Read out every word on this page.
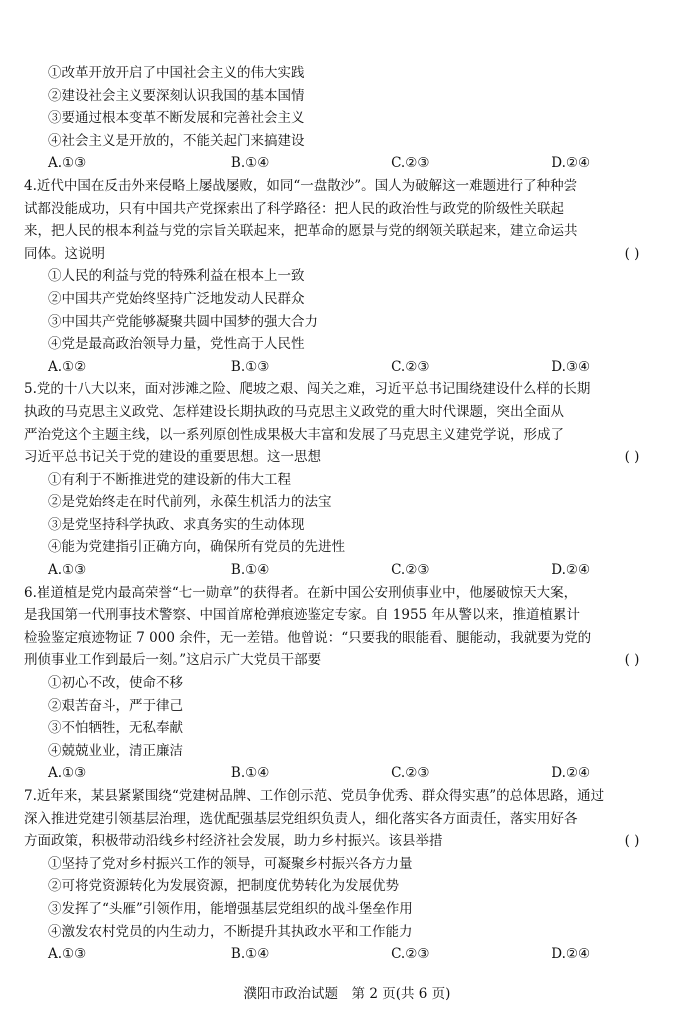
①改革开放开启了中国社会主义的伟大实践
②建设社会主义要深刻认识我国的基本国情
③要通过根本变革不断发展和完善社会主义
④社会主义是开放的，不能关起门来搞建设
A.①③	B.①④	C.②③	D.②④
4.近代中国在反击外来侵略上屡战屡败，如同“一盘散沙”。国人为破解这一难题进行了种种尝
试都没能成功，只有中国共产党探索出了科学路径：把人民的政治性与政党的阶级性关联起
来，把人民的根本利益与党的宗旨关联起来，把革命的愿景与党的纲领关联起来，建立命运共
( )
同体。这说明
①人民的利益与党的特殊利益在根本上一致
②中国共产党始终坚持广泛地发动人民群众
③中国共产党能够凝聚共圆中国梦的强大合力
④党是最高政治领导力量，党性高于人民性
A.①②	B.①③	C.②③	D.③④
5.党的十八大以来，面对涉滩之险、爬坡之艰、闯关之难，习近平总书记围绕建设什么样的长期
执政的马克思主义政党、怎样建设长期执政的马克思主义政党的重大时代课题，突出全面从
严治党这个主题主线，以一系列原创性成果极大丰富和发展了马克思主义建党学说，形成了
( )
习近平总书记关于党的建设的重要思想。这一思想
①有利于不断推进党的建设新的伟大工程
②是党始终走在时代前列，永葆生机活力的法宝
③是党坚持科学执政、求真务实的生动体现
④能为党建指引正确方向，确保所有党员的先进性
A.①③	B.①④	C.②③	D.②④
6.崔道植是党内最高荣誉“七一勋章”的获得者。在新中国公安刑侦事业中，他屡破惊天大案，
是我国第一代刑事技术警察、中国首席枪弹痕迹鉴定专家。自 1955 年从警以来，推道植累计
检验鉴定痕迹物证 7 000 余件，无一差错。他曾说：“只要我的眼能看、腿能动，我就要为党的
( )
刑侦事业工作到最后一刻。”这启示广大党员干部要
①初心不改，使命不移
②艰苦奋斗，严于律己
③不怕牺牲，无私奉献
④兢兢业业，清正廉洁
A.①③	B.①④	C.②③	D.②④
7.近年来，某县紧紧围绕“党建树品牌、工作创示范、党员争优秀、群众得实惠”的总体思路，通过
深入推进党建引领基层治理，选优配强基层党组织负责人，细化落实各方面责任，落实用好各
( )
方面政策，积极带动沿线乡村经济社会发展，助力乡村振兴。该县举措
①坚持了党对乡村振兴工作的领导，可凝聚乡村振兴各方力量
②可将党资源转化为发展资源，把制度优势转化为发展优势
③发挥了“头雁”引领作用，能增强基层党组织的战斗堡垒作用
④激发农村党员的内生动力，不断提升其执政水平和工作能力
A.①③	B.①④	C.②③	D.②④
濮阳市政治试题　第 2 页(共 6 页)
